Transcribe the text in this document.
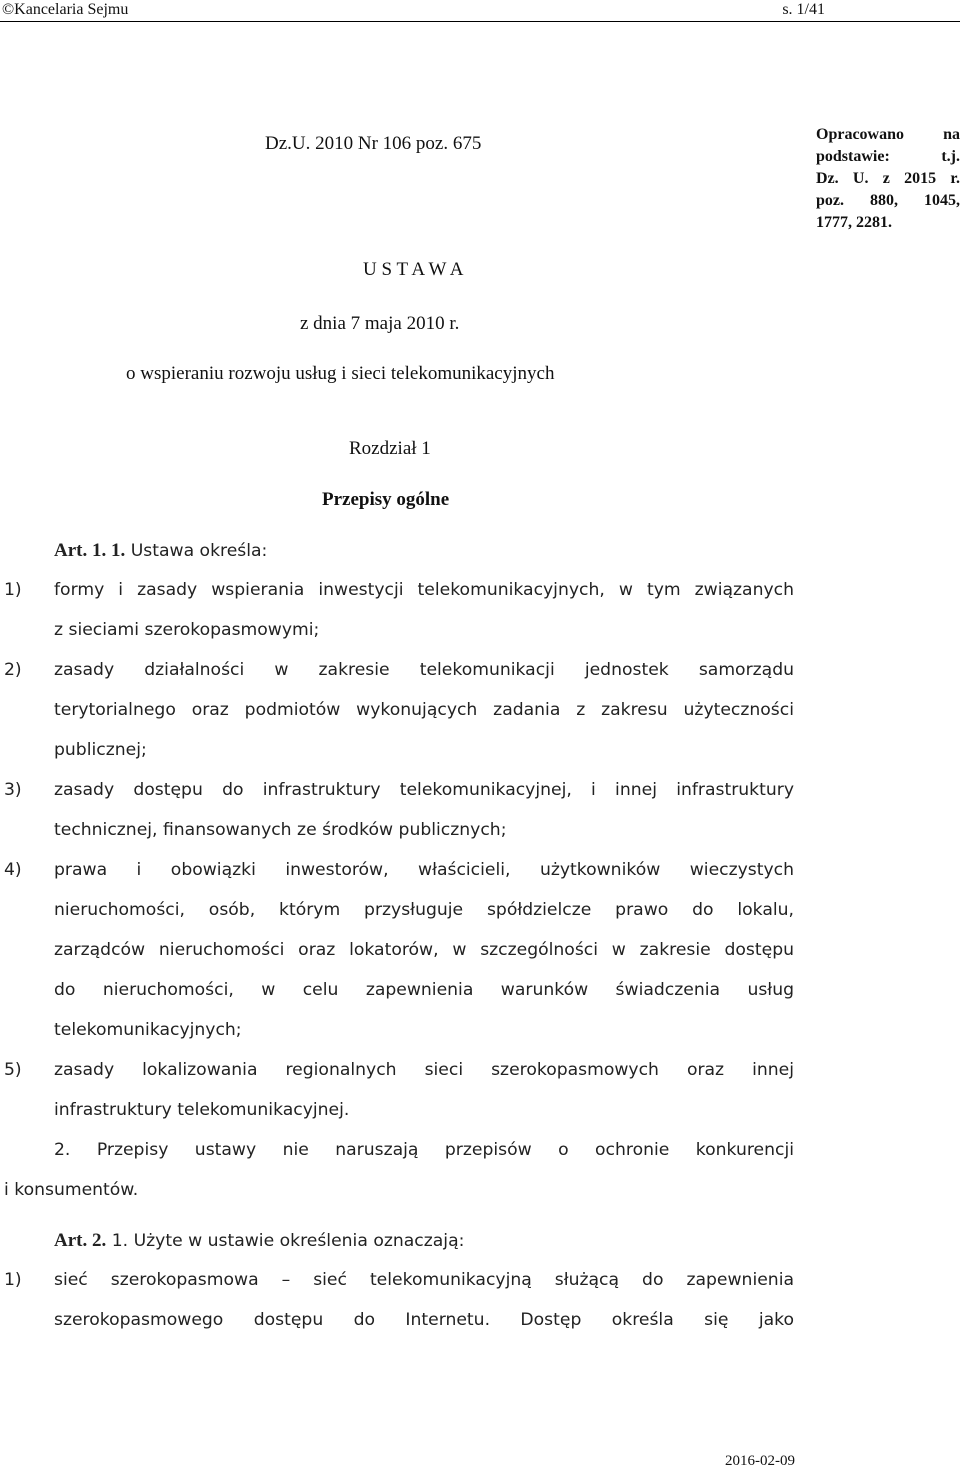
©Kancelaria Sejmu	s. 1/41
Dz.U. 2010 Nr 106 poz. 675	Opracowano na
podstawie: t.j.
Dz. U. z 2015 r.
poz. 880, 1045,
1777, 2281.
U S T A W A
z dnia 7 maja 2010 r.
o wspieraniu rozwoju usług i sieci telekomunikacyjnych
Rozdział 1
Przepisy ogólne
Art. 1. 1. Ustawa określa:
1) formy i zasady wspierania inwestycji telekomunikacyjnych, w tym związanych
z sieciami szerokopasmowymi;
2) zasady działalności w zakresie telekomunikacji jednostek samorządu
terytorialnego oraz podmiotów wykonujących zadania z zakresu użyteczności
publicznej;
3) zasady dostępu do infrastruktury telekomunikacyjnej, i innej infrastruktury
technicznej, finansowanych ze środków publicznych;
4) prawa i obowiązki inwestorów, właścicieli, użytkowników wieczystych
nieruchomości, osób, którym przysługuje spółdzielcze prawo do lokalu,
zarządców nieruchomości oraz lokatorów, w szczególności w zakresie dostępu
do nieruchomości, w celu zapewnienia warunków świadczenia usług
telekomunikacyjnych;
5) zasady lokalizowania regionalnych sieci szerokopasmowych oraz innej
infrastruktury telekomunikacyjnej.
2. Przepisy ustawy nie naruszają przepisów o ochronie konkurencji
i konsumentów.
Art. 2. 1. Użyte w ustawie określenia oznaczają:
1) sieć szerokopasmowa – sieć telekomunikacyjną służącą do zapewnienia
szerokopasmowego dostępu do Internetu. Dostęp określa się jako
2016-02-09
